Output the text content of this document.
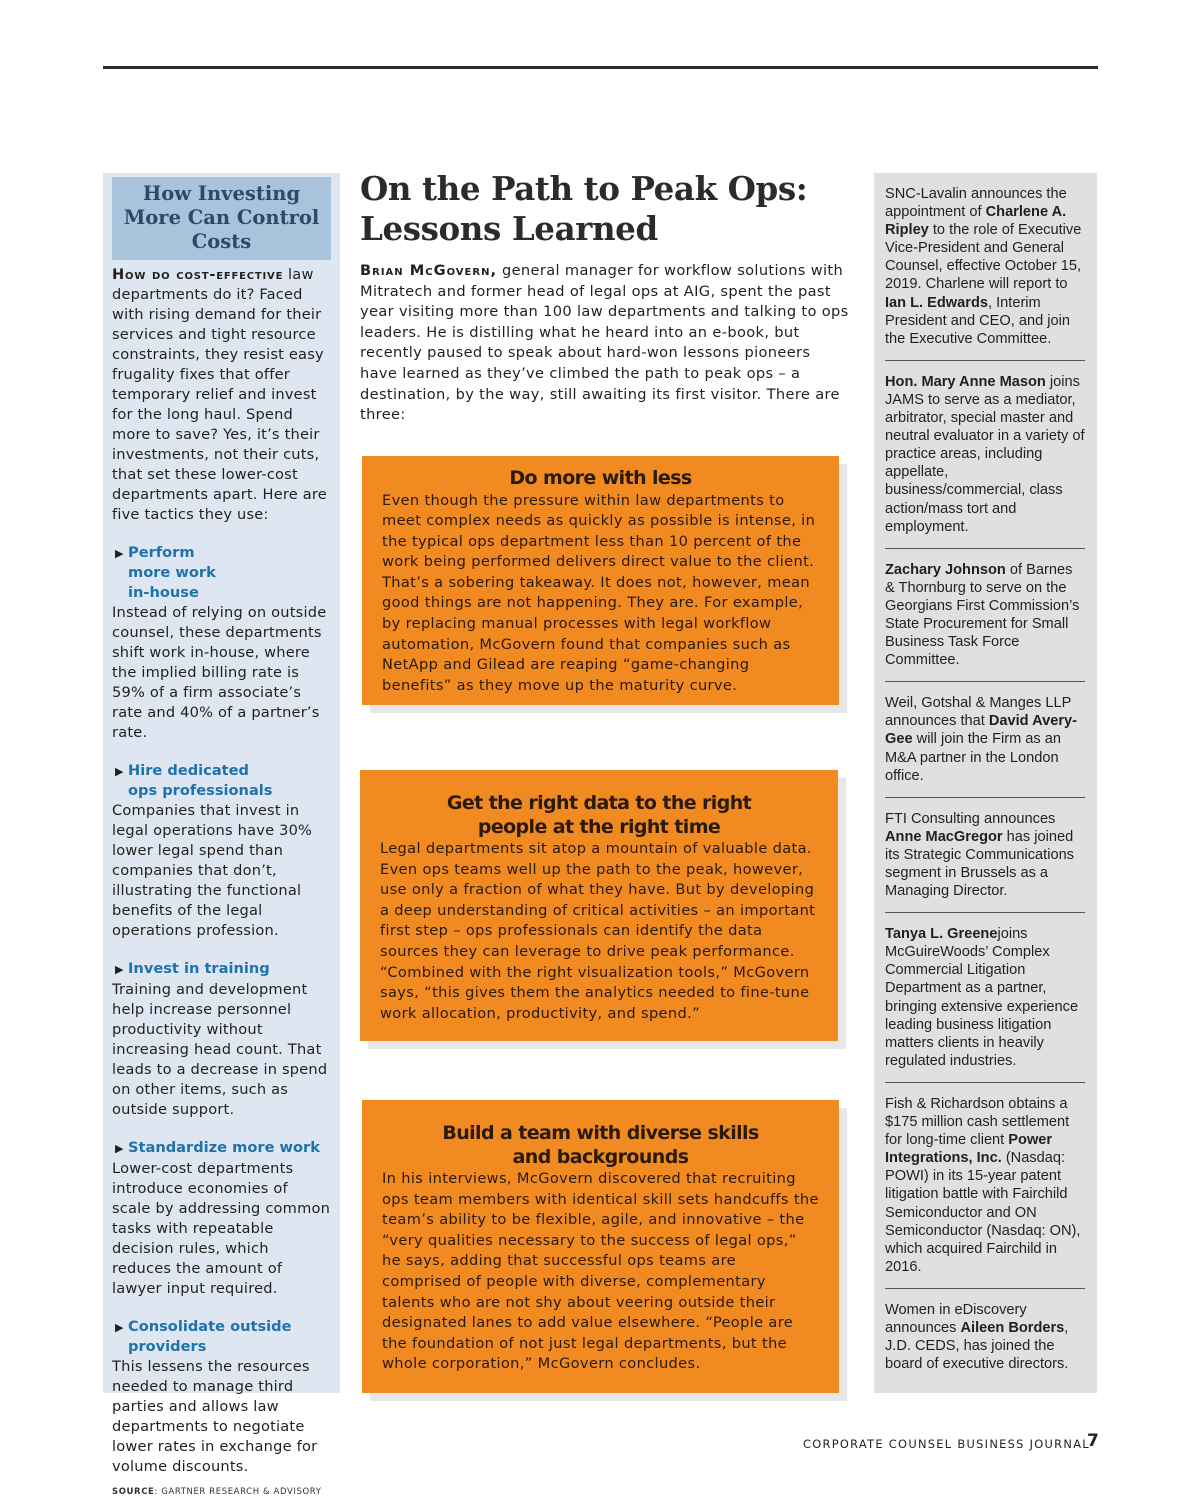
How Investing More Can Control Costs

How do cost-effective law departments do it? Faced with rising demand for their services and tight resource constraints, they resist easy frugality fixes that offer temporary relief and invest for the long haul. Spend more to save? Yes, it’s their investments, not their cuts, that set these lower-cost departments apart. Here are five tactics they use:

▶ Perform more work in-house
Instead of relying on outside counsel, these departments shift work in-house, where the implied billing rate is 59% of a firm associate’s rate and 40% of a partner’s rate.
▶ Hire dedicated ops professionals
Companies that invest in legal operations have 30% lower legal spend than companies that don’t, illustrating the functional benefits of the legal operations profession.
▶ Invest in training
Training and development help increase personnel productivity without increasing head count. That leads to a decrease in spend on other items, such as outside support.
▶ Standardize more work
Lower-cost departments introduce economies of scale by addressing common tasks with repeatable decision rules, which reduces the amount of lawyer input required.
▶ Consolidate outside providers
This lessens the resources needed to manage third parties and allows law departments to negotiate lower rates in exchange for volume discounts.
SOURCE: GARTNER RESEARCH & ADVISORY
On the Path to Peak Ops: Lessons Learned

Brian McGovern, general manager for workflow solutions with Mitratech and former head of legal ops at AIG, spent the past year visiting more than 100 law departments and talking to ops leaders. He is distilling what he heard into an e-book, but recently paused to speak about hard-won lessons pioneers have learned as they’ve climbed the path to peak ops – a destination, by the way, still awaiting its first visitor. There are three:

Do more with less

Even though the pressure within law departments to meet complex needs as quickly as possible is intense, in the typical ops department less than 10 percent of the work being performed delivers direct value to the client. That’s a sobering takeaway. It does not, however, mean good things are not happening. They are. For example, by replacing manual processes with legal workflow automation, McGovern found that companies such as NetApp and Gilead are reaping “game-changing benefits” as they move up the maturity curve.

Get the right data to the right people at the right time

Legal departments sit atop a mountain of valuable data. Even ops teams well up the path to the peak, however, use only a fraction of what they have. But by developing a deep understanding of critical activities – an important first step – ops professionals can identify the data sources they can leverage to drive peak performance. “Combined with the right visualization tools,” McGovern says, “this gives them the analytics needed to fine-tune work allocation, productivity, and spend.”

Build a team with diverse skills and backgrounds

In his interviews, McGovern discovered that recruiting ops team members with identical skill sets handcuffs the team’s ability to be flexible, agile, and innovative – the “very qualities necessary to the success of legal ops,” he says, adding that successful ops teams are comprised of people with diverse, complementary talents who are not shy about veering outside their designated lanes to add value elsewhere. “People are the foundation of not just legal departments, but the whole corporation,” McGovern concludes.

SNC-Lavalin announces the appointment of Charlene A. Ripley to the role of Executive Vice-President and General Counsel, effective October 15, 2019. Charlene will report to Ian L. Edwards, Interim President and CEO, and join the Executive Committee.

Hon. Mary Anne Mason joins JAMS to serve as a mediator, arbitrator, special master and neutral evaluator in a variety of practice areas, including appellate, business/commercial, class action/mass tort and employment.

Zachary Johnson of Barnes & Thornburg to serve on the Georgians First Commission’s State Procurement for Small Business Task Force Committee.

Weil, Gotshal & Manges LLP announces that David Avery-Gee will join the Firm as an M&A partner in the London office.

FTI Consulting announces Anne MacGregor has joined its Strategic Communications segment in Brussels as a Managing Director.

Tanya L. Greenejoins McGuireWoods’ Complex Commercial Litigation Department as a partner, bringing extensive experience leading business litigation matters clients in heavily regulated industries.

Fish & Richardson obtains a $175 million cash settlement for long-time client Power Integrations, Inc. (Nasdaq: POWI) in its 15-year patent litigation battle with Fairchild Semiconductor and ON Semiconductor (Nasdaq: ON), which acquired Fairchild in 2016.

Women in eDiscovery announces Aileen Borders, J.D. CEDS, has joined the board of executive directors.

CORPORATE COUNSEL BUSINESS JOURNAL
7
